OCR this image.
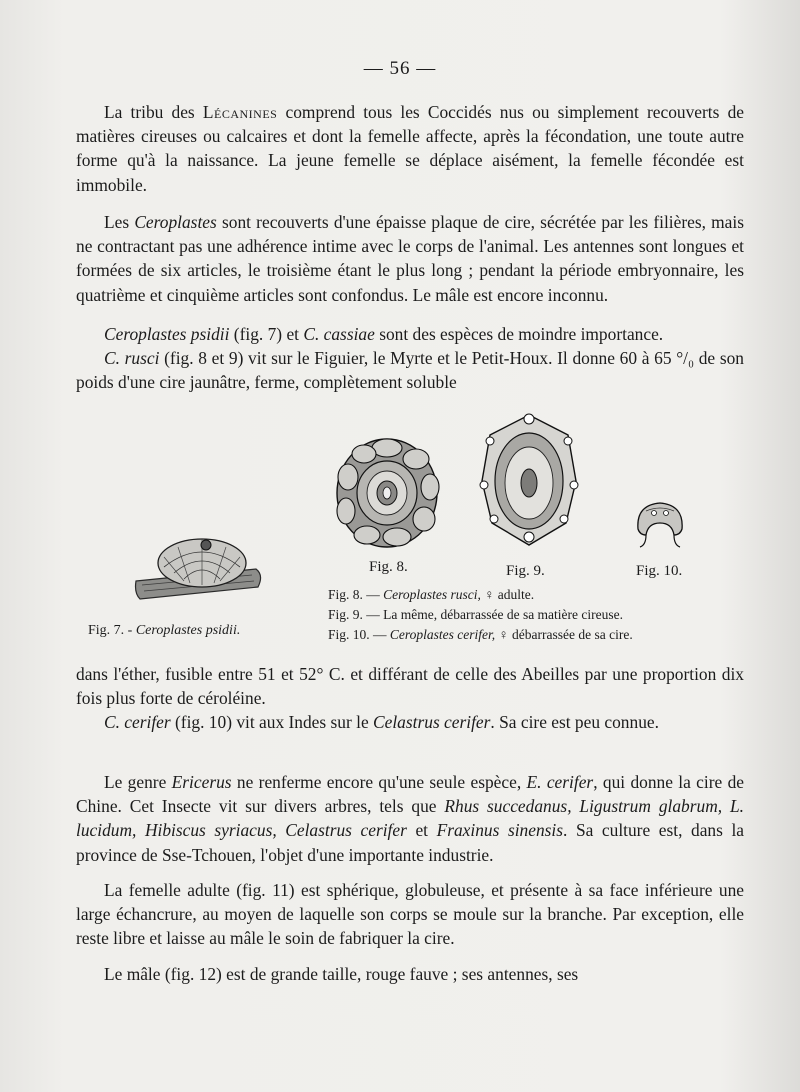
— 56 —

La tribu des Lécanines comprend tous les Coccidés nus ou simplement recouverts de matières cireuses ou calcaires et dont la femelle affecte, après la fécondation, une toute autre forme qu'à la naissance. La jeune femelle se déplace aisément, la femelle fécondée est immobile.

Les Ceroplastes sont recouverts d'une épaisse plaque de cire, sécrétée par les filières, mais ne contractant pas une adhérence intime avec le corps de l'animal. Les antennes sont longues et formées de six articles, le troisième étant le plus long ; pendant la période embryonnaire, les quatrième et cinquième articles sont confondus. Le mâle est encore inconnu.

Ceroplastes psidii (fig. 7) et C. cassiae sont des espèces de moindre importance.

C. rusci (fig. 8 et 9) vit sur le Figuier, le Myrte et le Petit-Houx. Il donne 60 à 65 °/₀ de son poids d'une cire jaunâtre, ferme, complètement soluble

Fig. 7. - Ceroplastes psidii.
Fig. 8.	Fig. 9.	Fig. 10.
Fig. 8. — Ceroplastes rusci, ♀ adulte.
Fig. 9. — La même, débarrassée de sa matière cireuse.
Fig. 10. — Ceroplastes cerifer, ♀ débarrassée de sa cire.

dans l'éther, fusible entre 51 et 52° C. et différant de celle des Abeilles par une proportion dix fois plus forte de céroléine.

C. cerifer (fig. 10) vit aux Indes sur le Celastrus cerifer. Sa cire est peu connue.

Le genre Ericerus ne renferme encore qu'une seule espèce, E. cerifer, qui donne la cire de Chine. Cet Insecte vit sur divers arbres, tels que Rhus succedanus, Ligustrum glabrum, L. lucidum, Hibiscus syriacus, Celastrus cerifer et Fraxinus sinensis. Sa culture est, dans la province de Sse-Tchouen, l'objet d'une importante industrie.

La femelle adulte (fig. 11) est sphérique, globuleuse, et présente à sa face inférieure une large échancrure, au moyen de laquelle son corps se moule sur la branche. Par exception, elle reste libre et laisse au mâle le soin de fabriquer la cire.

Le mâle (fig. 12) est de grande taille, rouge fauve ; ses antennes, ses
